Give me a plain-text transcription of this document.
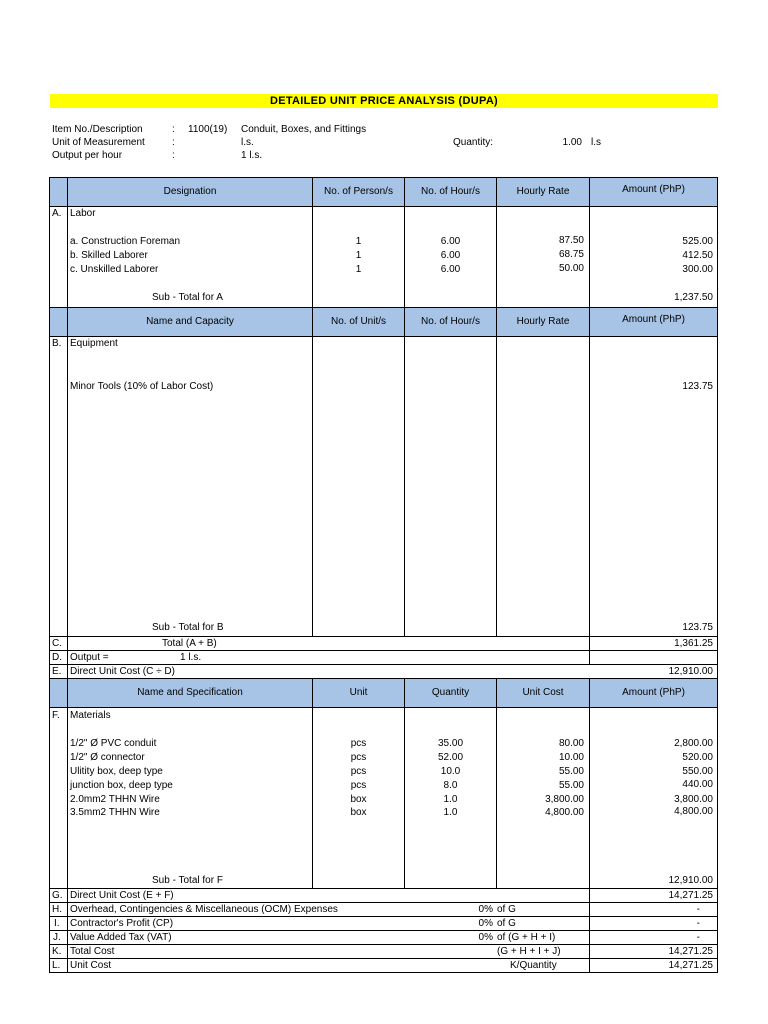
DETAILED UNIT PRICE ANALYSIS (DUPA)
Item No./Description	: 1100(19) Conduit, Boxes, and Fittings
Unit of Measurement	:	l.s.	Quantity:	1.00 l.s
Output per hour	:	1 l.s.
Designation	No. of Person/s	No. of Hour/s	Hourly Rate	Amount (PhP)
A. Labor
a. Construction Foreman	1	6.00	87.50	525.00
b. Skilled Laborer	1	6.00	68.75	412.50
c. Unskilled Laborer	1	6.00	50.00	300.00
Sub - Total for A	1,237.50
Name and Capacity	No. of Unit/s	No. of Hour/s	Hourly Rate	Amount (PhP)
B. Equipment
Minor Tools (10% of Labor Cost)	123.75
Sub - Total for B	123.75
C.	Total (A + B)	1,361.25
D. Output =	1 l.s.
E. Direct Unit Cost (C ÷ D)	12,910.00
Name and Specification	Unit	Quantity	Unit Cost	Amount (PhP)
F. Materials
1/2" Ø PVC conduit	pcs	35.00	80.00	2,800.00
1/2" Ø connector	pcs	52.00	10.00	520.00
Ulitity box, deep type	pcs	10.0	55.00	550.00
junction box, deep type	pcs	8.0	55.00	440.00
2.0mm2 THHN Wire	box	1.0	3,800.00	3,800.00
3.5mm2 THHN Wire	box	1.0	4,800.00	4,800.00
Sub - Total for F	12,910.00
G. Direct Unit Cost (E + F)	14,271.25
H. Overhead, Contingencies & Miscellaneous (OCM) Expenses	0% of G	-
I. Contractor's Profit (CP)	0% of G	-
J. Value Added Tax (VAT)	0% of (G + H + I)	-
K. Total Cost	(G + H + I + J)	14,271.25
L. Unit Cost	K/Quantity	14,271.25
